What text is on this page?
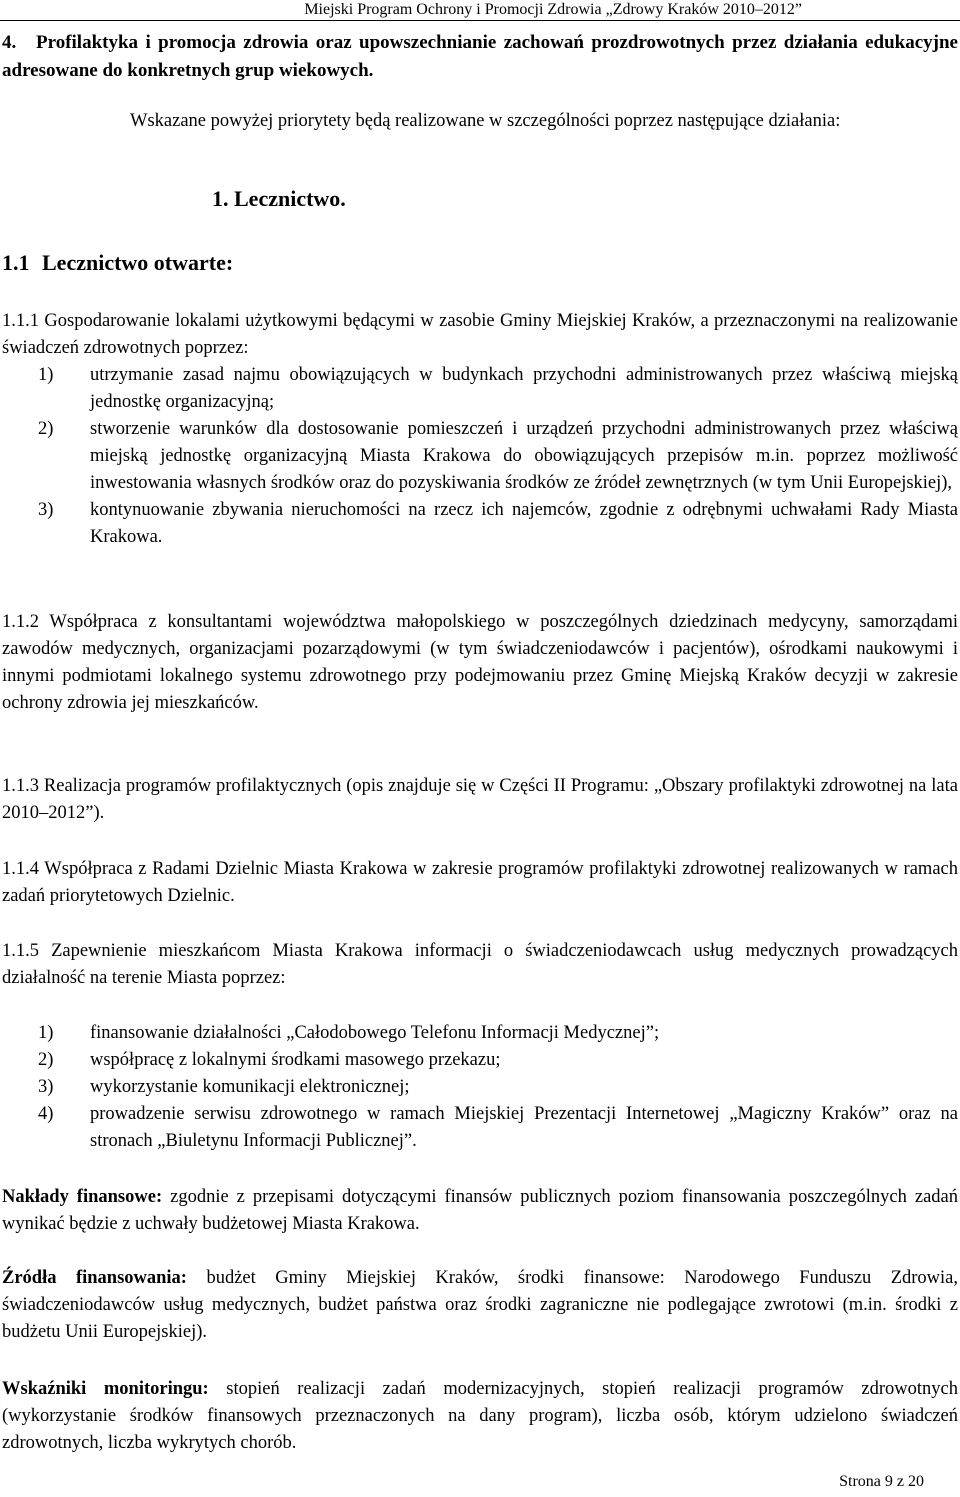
Miejski Program Ochrony i Promocji Zdrowia „Zdrowy Kraków 2010–2012”
4. Profilaktyka i promocja zdrowia oraz upowszechnianie zachowań prozdrowotnych przez działania edukacyjne adresowane do konkretnych grup wiekowych.
Wskazane powyżej priorytety będą realizowane w szczególności poprzez następujące działania:
1. Lecznictwo.
1.1 Lecznictwo otwarte:
1.1.1 Gospodarowanie lokalami użytkowymi będącymi w zasobie Gminy Miejskiej Kraków, a przeznaczonymi na realizowanie świadczeń zdrowotnych poprzez:
1) utrzymanie zasad najmu obowiązujących w budynkach przychodni administrowanych przez właściwą miejską jednostkę organizacyjną;
2) stworzenie warunków dla dostosowanie pomieszczeń i urządzeń przychodni administrowanych przez właściwą miejską jednostkę organizacyjną Miasta Krakowa do obowiązujących przepisów m.in. poprzez możliwość inwestowania własnych środków oraz do pozyskiwania środków ze źródeł zewnętrznych (w tym Unii Europejskiej),
3) kontynuowanie zbywania nieruchomości na rzecz ich najemców, zgodnie z odrębnymi uchwałami Rady Miasta Krakowa.
1.1.2 Współpraca z konsultantami województwa małopolskiego w poszczególnych dziedzinach medycyny, samorządami zawodów medycznych, organizacjami pozarządowymi (w tym świadczeniodawców i pacjentów), ośrodkami naukowymi i innymi podmiotami lokalnego systemu zdrowotnego przy podejmowaniu przez Gminę Miejską Kraków decyzji w zakresie ochrony zdrowia jej mieszkańców.
1.1.3 Realizacja programów profilaktycznych (opis znajduje się w Części II Programu: „Obszary profilaktyki zdrowotnej na lata 2010–2012”).
1.1.4 Współpraca z Radami Dzielnic Miasta Krakowa w zakresie programów profilaktyki zdrowotnej realizowanych w ramach zadań priorytetowych Dzielnic.
1.1.5 Zapewnienie mieszkańcom Miasta Krakowa informacji o świadczeniodawcach usług medycznych prowadzących działalność na terenie Miasta poprzez:
1) finansowanie działalności „Całodobowego Telefonu Informacji Medycznej”;
2) współpracę z lokalnymi środkami masowego przekazu;
3) wykorzystanie komunikacji elektronicznej;
4) prowadzenie serwisu zdrowotnego w ramach Miejskiej Prezentacji Internetowej „Magiczny Kraków” oraz na stronach „Biuletynu Informacji Publicznej”.
Nakłady finansowe: zgodnie z przepisami dotyczącymi finansów publicznych poziom finansowania poszczególnych zadań wynikać będzie z uchwały budżetowej Miasta Krakowa.
Źródła finansowania: budżet Gminy Miejskiej Kraków, środki finansowe: Narodowego Funduszu Zdrowia, świadczeniodawców usług medycznych, budżet państwa oraz środki zagraniczne nie podlegające zwrotowi (m.in. środki z budżetu Unii Europejskiej).
Wskaźniki monitoringu: stopień realizacji zadań modernizacyjnych, stopień realizacji programów zdrowotnych (wykorzystanie środków finansowych przeznaczonych na dany program), liczba osób, którym udzielono świadczeń zdrowotnych, liczba wykrytych chorób.
Strona 9 z 20
